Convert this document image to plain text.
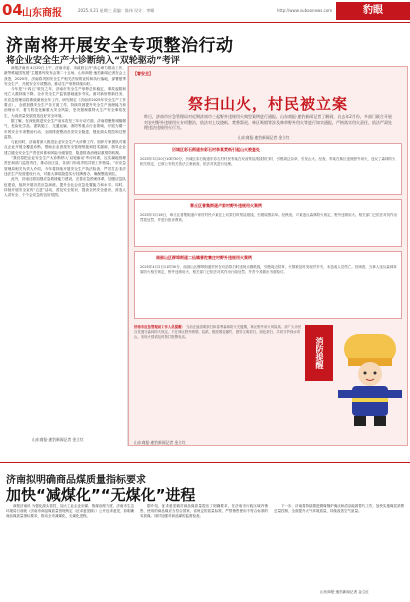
04 山东商报	2025.4.21 星期三 责编：陈伟 设计：李娜	http://www.subaonews.com	豹眼
济南将开展安全专项整治行动
将企业安全生产大诊断纳入“双轮驱动”考评

商报济南讯 4月20日上午，济南市委、市政府召开“高心章力推动工作，最等维能国发展”主题系列发布会第二十五场，山东商报·速豹新闻记者在会上获悉，2025年，济南将巩固安全生产相关法规的宣传和执行落地，部署夏季安全生产，开展安全专项整治，推动生产形势持续向好。

今年是“十四五”收官之年，济南市安全生产形势总体稳定，事故起数和死亡人数持续下降，全市安全生产监管基础逐步夯实。面对新形势新任务，市应急管理局将系统谋划全年工作，研究制定《济南市2025年安全生产工作要点》，全面加强安全生产各方面工作，持续巩固提升安全生产治理能力和治理水平，着力防范化解重大安全风险，坚决遏制重特大生产安全事故发生，为高质量发展营造良好安全环境。

据了解，在深化推进安全生产治本攻坚三年行动方面，济南将聚焦城镇燃气、危险化学品、建筑施工、交通运输、消防等重点行业领域，开展为期一年的安全专项整治行动，全面排查整治各类安全隐患，强化源头管控和过程监管。

与此同时，济南将深入推进企业安全生产大诊断工作，组织专家团队对重点企业开展全覆盖诊断，帮助企业查找安全管理短板和技术漏洞，指导企业建立健全安全生产责任体系和风险分级管控、隐患排查治理双重预防机制。

“我们将把企业安全生产大诊断纳入‘双轮驱动’考评体系，压实属地管理责任和部门监管责任，推动各区县、各部门形成齐抓共管工作格局。”市应急管理局相关负责人介绍，今年将持续开展安全生产执法检查，严厉打击非法违法生产经营建设行为，对重大事故隐患实行挂牌督办，确保整改到位。

此外，济南还将加强应急救援能力建设，完善应急预案体系，加强应急队伍建设，组织开展各类应急演练，提升全社会应急处置能力和水平。同时，持续开展安全宣传“五进”活动，普及安全知识，提高全民安全意识，营造人人讲安全、个个会应急的良好氛围。

山东商报·速豹新闻记者 金立红
【春安全】
祭扫山火，村民被立案
昨日，济南市应急管理局对近期济南市三起野外违规用火典型案例进行通报。山东商报·速豹新闻记者了解到，自去年2月份，多部门联合开展对农村野外违规用火专项整治，依法对上坟烧纸、焚香祭祀、林区吸烟等涉及林草野外用火等进行如实通报，严格落实用火责任，依法严肃处理违法违规用火行为。
山东商报·速豹新闻记者 金立红
历城区彩石街道东彩石村李某焚纸引起山火被查处
2025年3月20日10时30分，历城区彩石街道东彩石村村民李某在坟前焚烧纸钱祭扫时，引燃周边杂草，引发山火。经查，李某在林区违规野外用火，违反了森林防火相关规定，已被公安机关依法立案侦查，依法对其进行处理。
章丘区普集街道卢家村野外违规用火案例
2025年3月16日，章丘区普集街道卢家村村民卢某在上坟祭扫时焚烧纸钱，引燃周围杂草。经核查，卢某违反森林防火规定，野外违规用火。相关部门已依法对其作出罚款处罚，并进行批评教育。
南部山区柳埠街道二仙镇普陀寨庄村野外违规用火案例
2025年4月2日11时30分，南部山区柳埠街道村民在坟前祭扫时违规点燃纸钱，引燃周边枯草，火情被及时发现并扑灭，未造成人员伤亡。经调查，当事人违反森林草原防火相关规定，野外违规用火，相关部门已依法对其作出行政处罚，并责令其做出书面检讨。
济南市应急管理局工作人员提醒： 当前正值清明祭扫和春季森林防火关键期，林区野外用火风险高。请广大市民自觉遵守森林防火规定，不在林区野外吸烟、烧纸、燃放烟花爆竹，倡导文明祭扫、绿色祭扫，共同守护绿水青山。发现火情请及时拨打报警电话。	消防提醒
山东商报·速豹新闻记者 金立红
济南拟明确商品煤质量指标要求
加快“减煤化”“无煤化”进程

商报济南讯 为强化源头管控，加大工业企业用煤、散煤治理力度，济南市生态环境局日前就《济南市商品煤质量管理规定（征求意见稿）》公开征求意见，拟明确商品煤质量指标要求，推动全市减煤化、无煤化进程。

据介绍，征求意见稿对商品煤质量提出了明确要求，在济南市行政区域内销售、使用的商品煤应当符合国家、省规定的质量标准，严禁销售使用不符合标准的劣质煤。同时加强对商品煤的监督检查。

下一步，济南将持续推进燃煤锅炉淘汰和清洁能源替代工作，加快实施煤炭消费总量控制，全面提升大气环境质量，持续改善空气质量。

山东商报·速豹新闻记者 金立红
